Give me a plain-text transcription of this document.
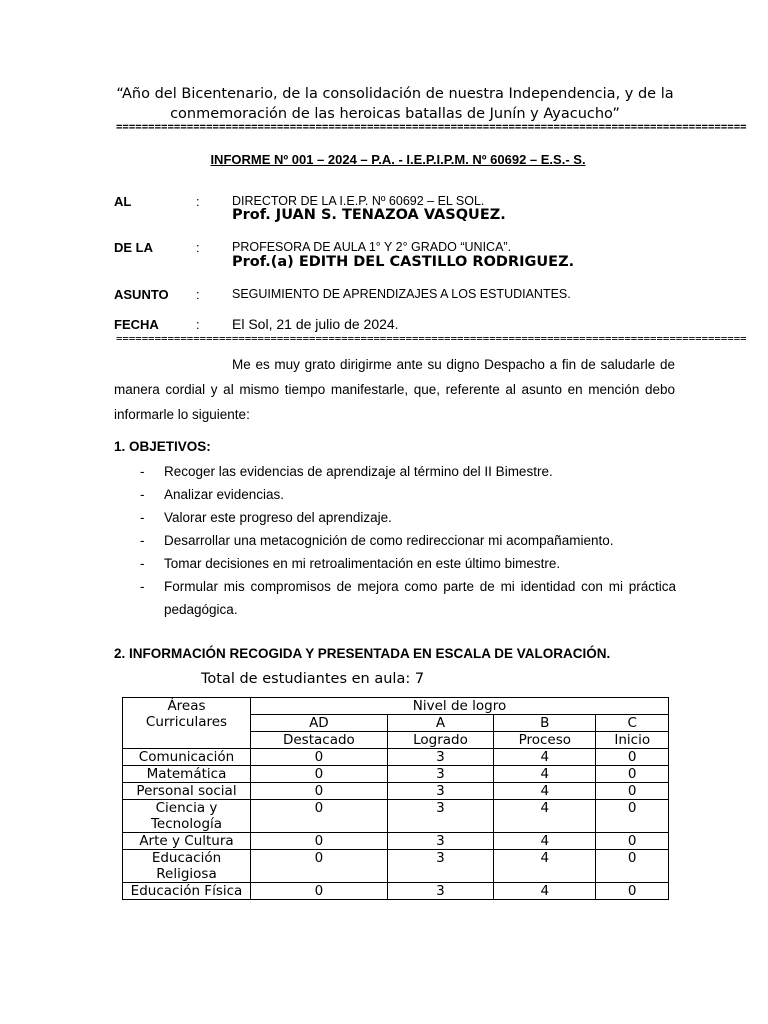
“Año del Bicentenario, de la consolidación de nuestra Independencia, y de la conmemoración de las heroicas batallas de Junín y Ayacucho”
==================================================================================================
INFORME Nº 001 – 2024 – P.A. - I.E.P.I.P.M. Nº 60692 – E.S.- S.
AL	:	DIRECTOR DE LA I.E.P. Nº 60692 – EL SOL.
Prof. JUAN S. TENAZOA VASQUEZ.
DE LA	:	PROFESORA DE AULA 1° Y 2° GRADO “UNICA”.
Prof.(a) EDITH DEL CASTILLO RODRIGUEZ.
ASUNTO :	SEGUIMIENTO DE APRENDIZAJES A LOS ESTUDIANTES.
FECHA	: El Sol, 21 de julio de 2024.
==================================================================================================
Me es muy grato dirigirme ante su digno Despacho a fin de saludarle de manera cordial y al mismo tiempo manifestarle, que, referente al asunto en mención debo informarle lo siguiente:
1. OBJETIVOS:
- Recoger las evidencias de aprendizaje al término del II Bimestre.
- Analizar evidencias.
- Valorar este progreso del aprendizaje.
- Desarrollar una metacognición de como redireccionar mi acompañamiento.
- Tomar decisiones en mi retroalimentación en este último bimestre.
- Formular mis compromisos de mejora como parte de mi identidad con mi práctica pedagógica.
2. INFORMACIÓN RECOGIDA Y PRESENTADA EN ESCALA DE VALORACIÓN.
Total de estudiantes en aula: 7
Áreas Curriculares	Nivel de logro			
	AD	A	B	C
	Destacado	Logrado	Proceso	Inicio
Comunicación	0	3	4	0
Matemática	0	3	4	0
Personal social	0	3	4	0
Ciencia y Tecnología	0	3	4	0
Arte y Cultura	0	3	4	0
Educación Religiosa	0	3	4	0
Educación Física	0	3	4	0
